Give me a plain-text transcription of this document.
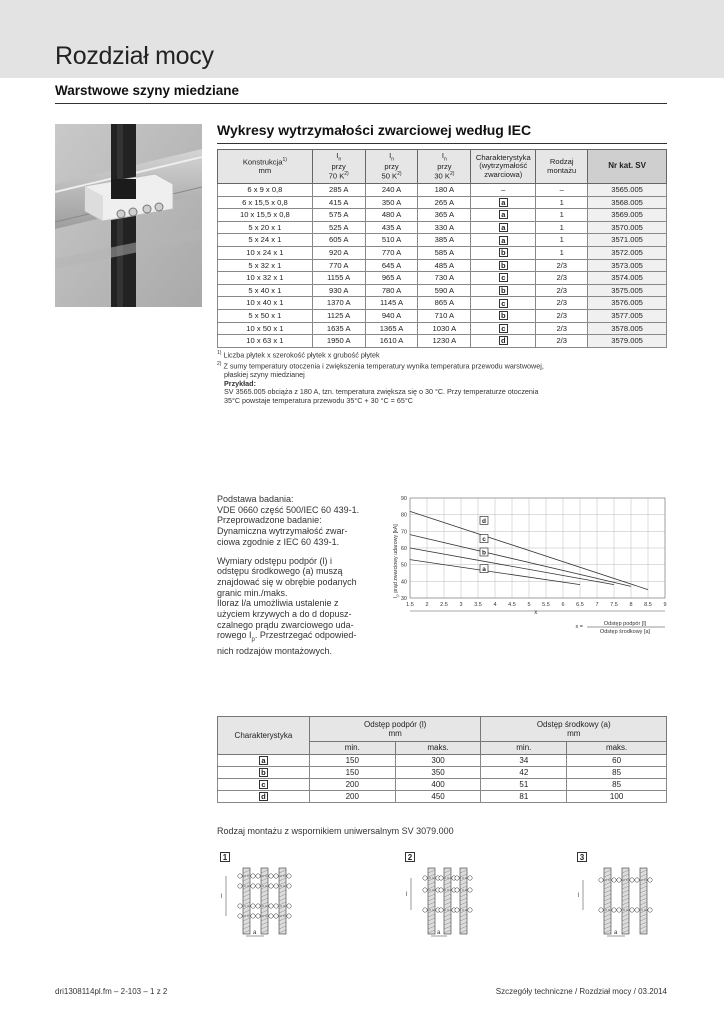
Rozdział mocy
Warstwowe szyny miedziane
Wykresy wytrzymałości zwarciowej według IEC
Konstrukcja$^{1)}$
mm	$I_n$
przy
70 $K^{2)}$	$I_n$
przy
50 $K^{2)}$	$I_n$
przy
30 $K^{2)}$	Charakterystyka
(wytrzymałość
zwarciowa)	Rodzaj
montażu	Nr kat. SV
6 x 9 x 0,8	285 A	240 A	180 A	–	–	3565.005
6 x 15,5 x 0,8	415 A	350 A	265 A	a	1	3568.005
10 x 15,5 x 0,8	575 A	480 A	365 A	a	1	3569.005
5 x 20 x 1	525 A	435 A	330 A	a	1	3570.005
5 x 24 x 1	605 A	510 A	385 A	a	1	3571.005
10 x 24 x 1	920 A	770 A	585 A	b	1	3572.005
5 x 32 x 1	770 A	645 A	485 A	b	2/3	3573.005
10 x 32 x 1	1155 A	965 A	730 A	c	2/3	3574.005
5 x 40 x 1	930 A	780 A	590 A	b	2/3	3575.005
10 x 40 x 1	1370 A	1145 A	865 A	c	2/3	3576.005
5 x 50 x 1	1125 A	940 A	710 A	b	2/3	3577.005
10 x 50 x 1	1635 A	1365 A	1030 A	c	2/3	3578.005
10 x 63 x 1	1950 A	1610 A	1230 A	d	2/3	3579.005
$^{1)}$ Liczba płytek x szerokość płytek x grubość płytek
$^{2)}$ Z sumy temperatury otoczenia i zwiększenia temperatury wynika temperatura przewodu warstwowej,
płaskiej szyny miedzianej
Przykład:
SV 3565.005 obciąża z 180 A, tzn. temperatura zwiększa się o 30 °C. Przy temperaturze otoczenia
35°C powstaje temperatura przewodu 35°C + 30 °C = 65°C

Podstawa badania:
VDE 0660 część 500/IEC 60 439-1.
Przeprowadzone badanie:
Dynamiczna wytrzymałość zwar-
ciowa zgodnie z IEC 60 439-1.

Wymiary odstępu podpór (l) i
odstępu środkowego (a) muszą
znajdować się w obrębie podanych
granic min./maks.
Iloraz l/a umożliwia ustalenie z
użyciem krzywych a do d dopusz-
czalnego prądu zwarciowego uda-
rowego $I_p$. Przestrzegać odpowied-
nich rodzajów montażowych.

1.5 2 2.5 3 3.5 4 4.5 5 5.5 6 6.5 7 7.5 8 8.5 9
30
40
50
60
70
80
90
$I_p$ prąd zwarciowy udarowy [kA]
x
x =	Odstęp podpór [l]
Odstęp środkowy [a]
d
c
b
a
Charakterystyka	Odstęp podpór (l)
mm		Odstęp środkowy (a)
mm	
	min.	maks.	min.	maks.
a	150	300	34	60
b	150	350	42	85
c	200	400	51	85
d	200	450	81	100
Rodzaj montażu z wspornikiem uniwersalnym SV 3079.000
1
l
a
2
l
a
3
l
a
dri1308114pl.fm – 2-103 – 1 z 2	Szczegóły techniczne / Rozdział mocy / 03.2014
